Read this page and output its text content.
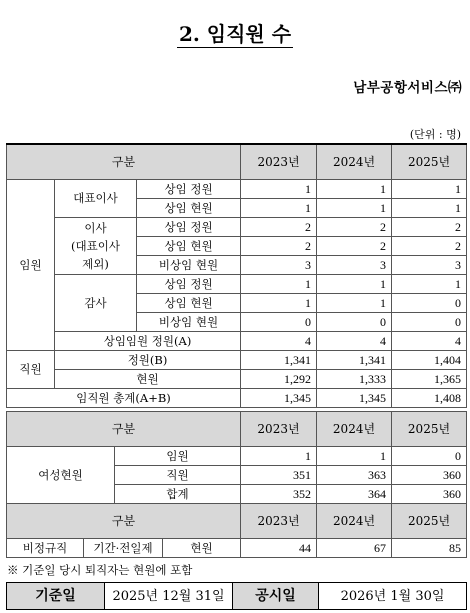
2. 임직원 수
남부공항서비스㈜
(단위 : 명)
구분			2023년	2024년	2025년
임원	대표이사	상임 정원	1	1	1
		상임 현원	1	1	1
	이사
(대표이사
제외)	상임 정원	2	2	2
		상임 현원	2	2	2
		비상임 현원	3	3	3
	감사	상임 정원	1	1	1
		상임 현원	1	1	0
		비상임 현원	0	0	0
	상임임원 정원(A)		4	4	4
직원	정원(B)		1,341	1,341	1,404
	현원		1,292	1,333	1,365
임직원 총계(A+B)			1,345	1,345	1,408
구분		2023년	2024년	2025년
여성현원	임원	1	1	0
	직원	351	363	360
	합계	352	364	360
구분			2023년	2024년	2025년
비정규직	기간·전일제	현원	44	67	85
※ 기준일 당시 퇴직자는 현원에 포함
기준일	2025년 12월 31일	공시일	2026년 1월 30일
